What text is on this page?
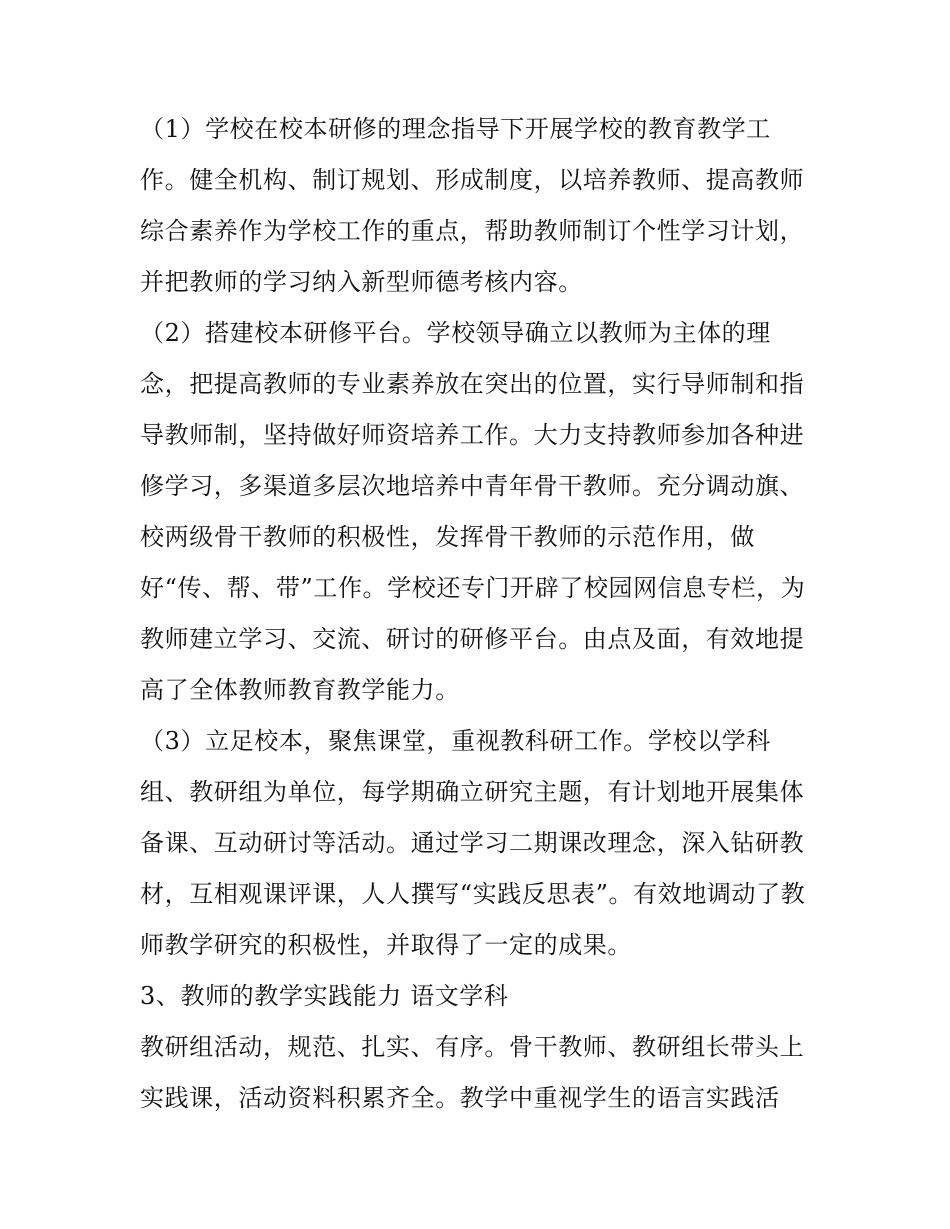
（1）学校在校本研修的理念指导下开展学校的教育教学工
作。健全机构、制订规划、形成制度，以培养教师、提高教师
综合素养作为学校工作的重点，帮助教师制订个性学习计划，
并把教师的学习纳入新型师德考核内容。
（2）搭建校本研修平台。学校领导确立以教师为主体的理
念，把提高教师的专业素养放在突出的位置，实行导师制和指
导教师制，坚持做好师资培养工作。大力支持教师参加各种进
修学习，多渠道多层次地培养中青年骨干教师。充分调动旗、
校两级骨干教师的积极性，发挥骨干教师的示范作用，做
好“传、帮、带”工作。学校还专门开辟了校园网信息专栏，为
教师建立学习、交流、研讨的研修平台。由点及面，有效地提
高了全体教师教育教学能力。
（3）立足校本，聚焦课堂，重视教科研工作。学校以学科
组、教研组为单位，每学期确立研究主题，有计划地开展集体
备课、互动研讨等活动。通过学习二期课改理念，深入钻研教
材，互相观课评课，人人撰写“实践反思表”。有效地调动了教
师教学研究的积极性，并取得了一定的成果。
3、教师的教学实践能力 语文学科
教研组活动，规范、扎实、有序。骨干教师、教研组长带头上
实践课，活动资料积累齐全。教学中重视学生的语言实践活
